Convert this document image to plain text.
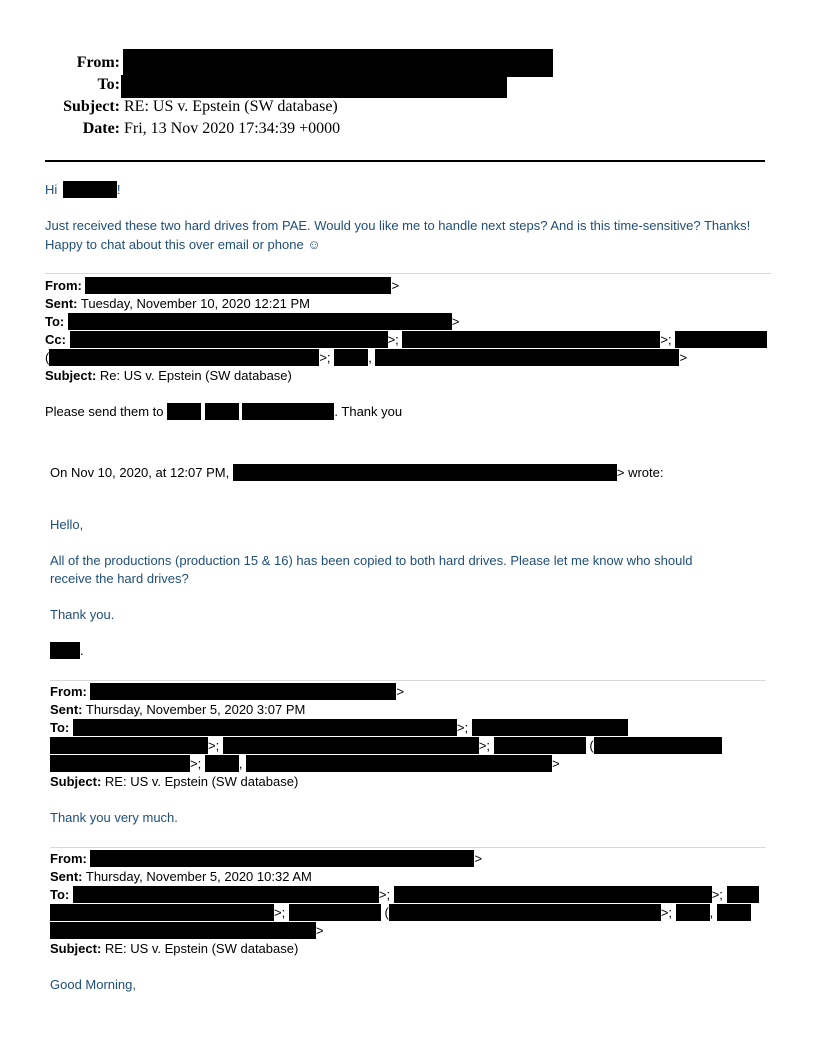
From:
To:
Subject: RE: US v. Epstein (SW database)
Date: Fri, 13 Nov 2020 17:34:39 +0000
Hi	!
Just received these two hard drives from PAE. Would you like me to handle next steps? And is this time-sensitive? Thanks!
Happy to chat about this over email or phone ☺
From:	>
Sent: Tuesday, November 10, 2020 12:21 PM
To:	>
Cc:	>;	>;
(	>;	,	>
Subject: Re: US v. Epstein (SW database)
Please send them to	. Thank you
On Nov 10, 2020, at 12:07 PM,	> wrote:
Hello,
All of the productions (production 15 & 16) has been copied to both hard drives. Please let me know who should
receive the hard drives?
Thank you.
.
From:	>
Sent: Thursday, November 5, 2020 3:07 PM
To:	>;
>;	>;	(
>;	,	>
Subject: RE: US v. Epstein (SW database)
Thank you very much.
From:	>
Sent: Thursday, November 5, 2020 10:32 AM
To:	>;	>;
>;	(	>;	,
>
Subject: RE: US v. Epstein (SW database)
Good Morning,
